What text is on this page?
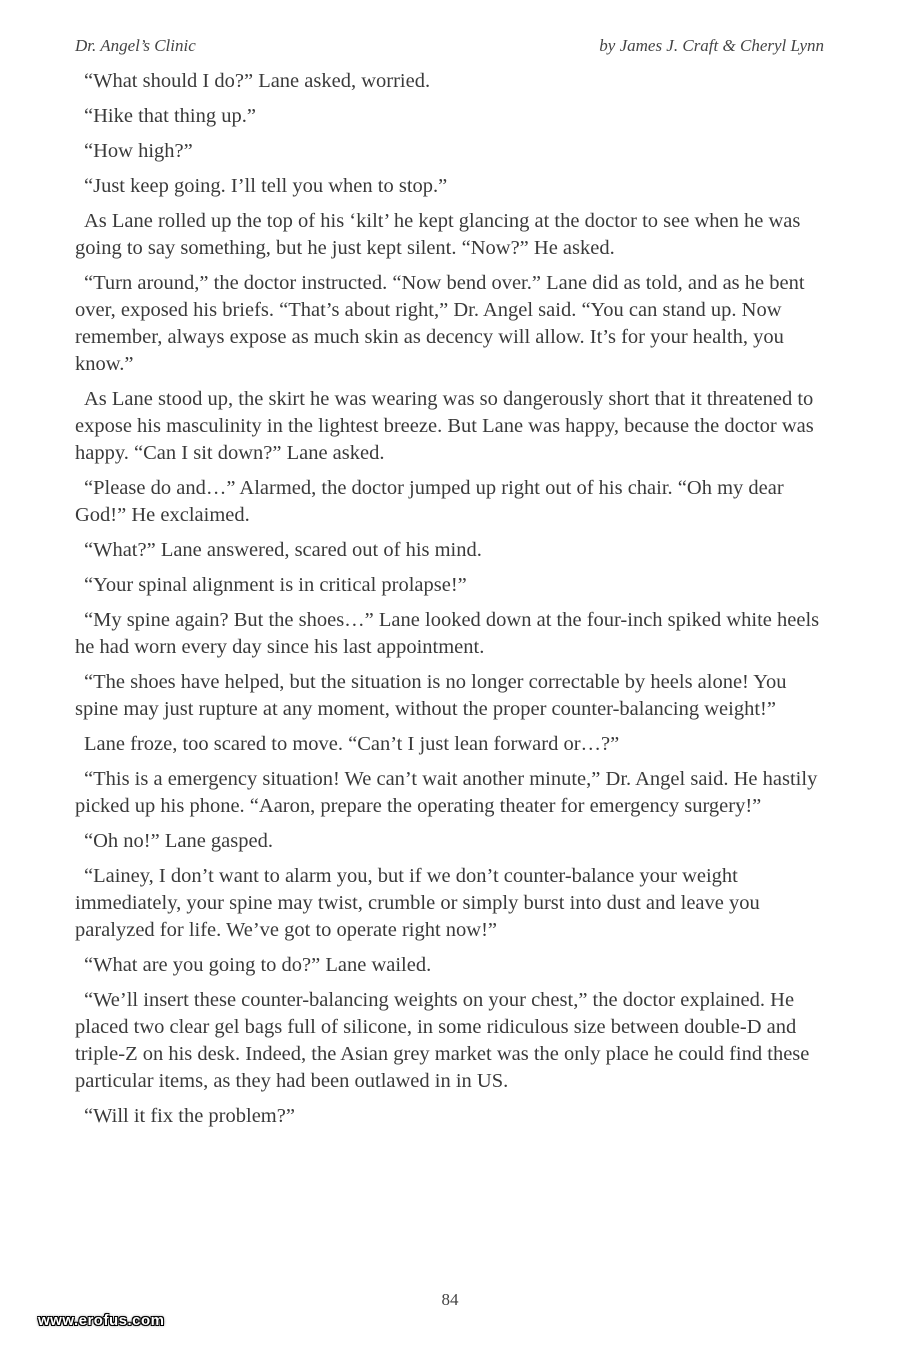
Dr. Angel’s Clinic	by James J. Craft & Cheryl Lynn

“What should I do?” Lane asked, worried.

“Hike that thing up.”

“How high?”

“Just keep going. I’ll tell you when to stop.”

As Lane rolled up the top of his ‘kilt’ he kept glancing at the doctor to see when he was going to say something, but he just kept silent. “Now?” He asked.

“Turn around,” the doctor instructed. “Now bend over.” Lane did as told, and as he bent over, exposed his briefs. “That’s about right,” Dr. Angel said. “You can stand up. Now remember, always expose as much skin as decency will allow. It’s for your health, you know.”

As Lane stood up, the skirt he was wearing was so dangerously short that it threatened to expose his masculinity in the lightest breeze. But Lane was happy, because the doctor was happy. “Can I sit down?” Lane asked.

“Please do and…” Alarmed, the doctor jumped up right out of his chair. “Oh my dear God!” He exclaimed.

“What?” Lane answered, scared out of his mind.

“Your spinal alignment is in critical prolapse!”

“My spine again? But the shoes…” Lane looked down at the four-inch spiked white heels he had worn every day since his last appointment.

“The shoes have helped, but the situation is no longer correctable by heels alone! You spine may just rupture at any moment, without the proper counter-balancing weight!”

Lane froze, too scared to move. “Can’t I just lean forward or…?”

“This is a emergency situation! We can’t wait another minute,” Dr. Angel said. He hastily picked up his phone. “Aaron, prepare the operating theater for emergency surgery!”

“Oh no!” Lane gasped.

“Lainey, I don’t want to alarm you, but if we don’t counter-balance your weight immediately, your spine may twist, crumble or simply burst into dust and leave you paralyzed for life. We’ve got to operate right now!”

“What are you going to do?” Lane wailed.

“We’ll insert these counter-balancing weights on your chest,” the doctor explained. He placed two clear gel bags full of silicone, in some ridiculous size between double-D and triple-Z on his desk. Indeed, the Asian grey market was the only place he could find these particular items, as they had been outlawed in in US.

“Will it fix the problem?”

84
www.erofus.com
